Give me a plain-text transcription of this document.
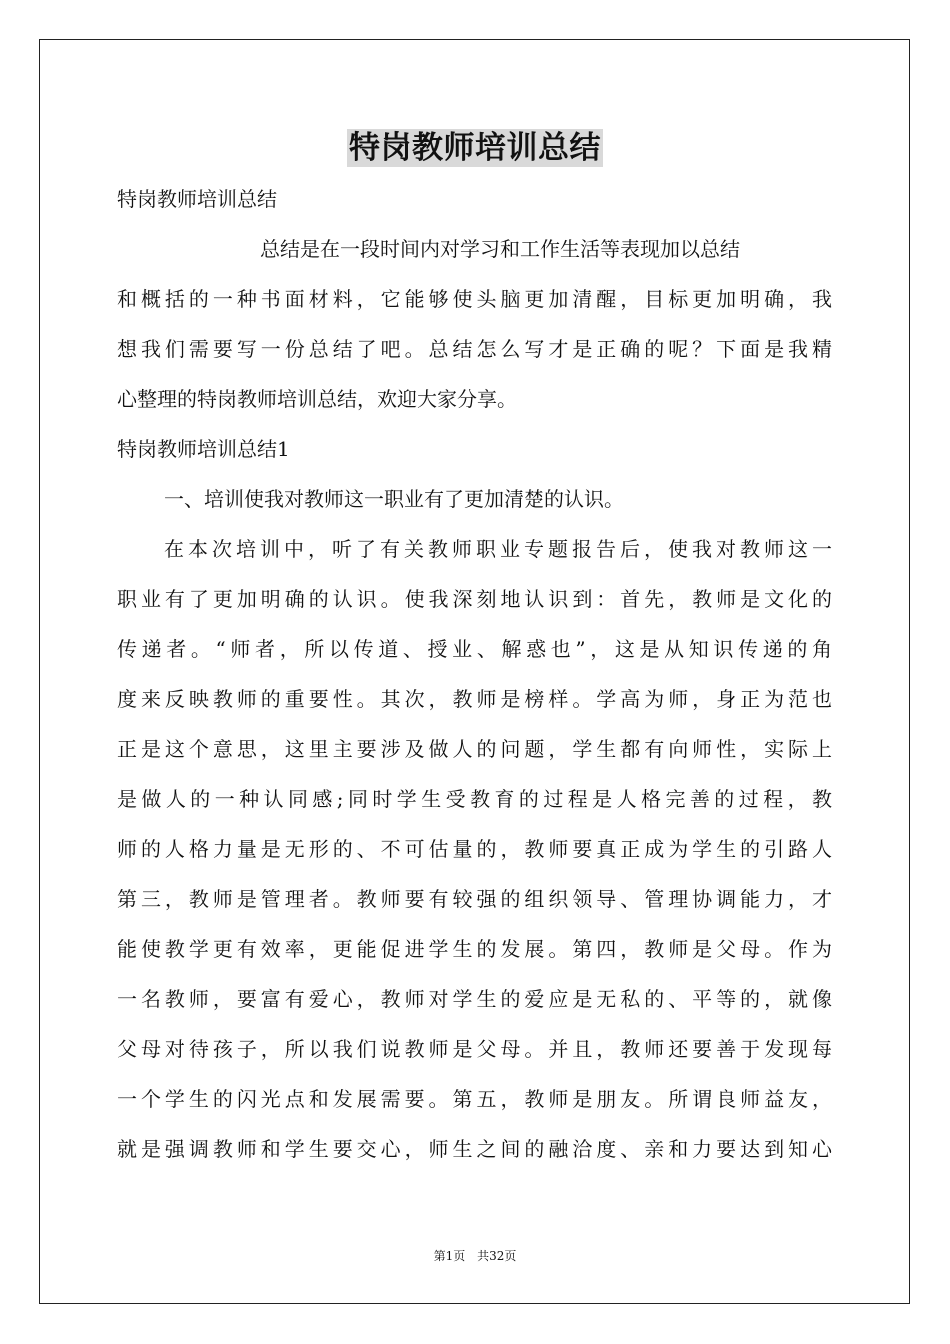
特岗教师培训总结
特岗教师培训总结
总结是在一段时间内对学习和工作生活等表现加以总结
和概括的一种书面材料，它能够使头脑更加清醒，目标更加明确，我
想我们需要写一份总结了吧。总结怎么写才是正确的呢？下面是我精
心整理的特岗教师培训总结，欢迎大家分享。
特岗教师培训总结1
一、培训使我对教师这一职业有了更加清楚的认识。
在本次培训中，听了有关教师职业专题报告后，使我对教师这一
职业有了更加明确的认识。使我深刻地认识到：首先，教师是文化的
传递者。“师者，所以传道、授业、解惑也”，这是从知识传递的角
度来反映教师的重要性。其次，教师是榜样。学高为师，身正为范也
正是这个意思，这里主要涉及做人的问题，学生都有向师性，实际上
是做人的一种认同感;同时学生受教育的过程是人格完善的过程，教
师的人格力量是无形的、不可估量的，教师要真正成为学生的引路人
第三，教师是管理者。教师要有较强的组织领导、管理协调能力，才
能使教学更有效率，更能促进学生的发展。第四，教师是父母。作为
一名教师，要富有爱心，教师对学生的爱应是无私的、平等的，就像
父母对待孩子，所以我们说教师是父母。并且，教师还要善于发现每
一个学生的闪光点和发展需要。第五，教师是朋友。所谓良师益友，
就是强调教师和学生要交心，师生之间的融洽度、亲和力要达到知心
第1页 共32页
